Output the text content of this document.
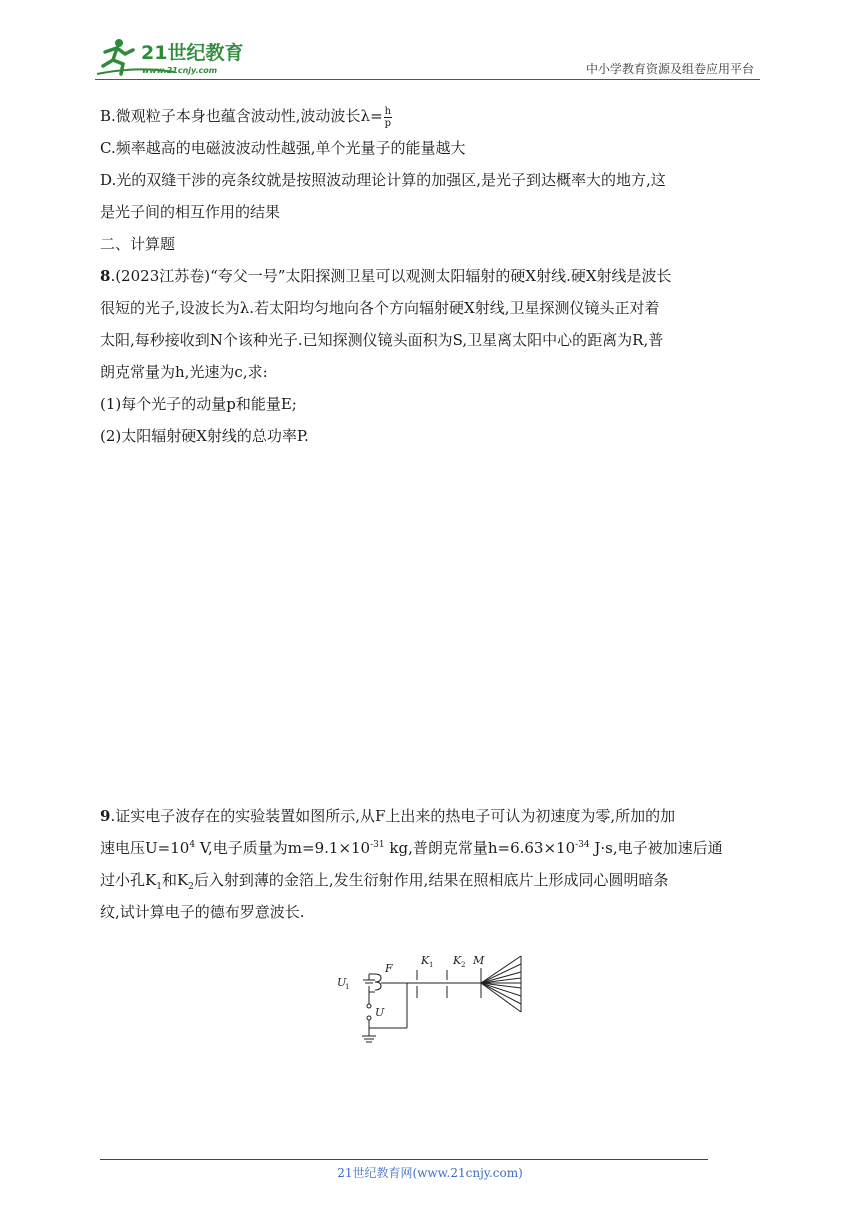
21世纪教育
www.21cnjy.com	中小学教育资源及组卷应用平台
B.微观粒子本身也蕴含波动性,波动波长$\lambda= \frac{h}{p}$
C.频率越高的电磁波波动性越强,单个光量子的能量越大
D.光的双缝干涉的亮条纹就是按照波动理论计算的加强区,是光子到达概率大的地方,这
是光子间的相互作用的结果
二、计算题
8.(2023江苏卷)“夸父一号”太阳探测卫星可以观测太阳辐射的硬X射线.硬X射线是波长
很短的光子,设波长为λ.若太阳均匀地向各个方向辐射硬X射线,卫星探测仪镜头正对着
太阳,每秒接收到N个该种光子.已知探测仪镜头面积为S,卫星离太阳中心的距离为R,普
朗克常量为h,光速为c,求:
(1)每个光子的动量p和能量E;
(2)太阳辐射硬X射线的总功率P.
9.证实电子波存在的实验装置如图所示,从F上出来的热电子可认为初速度为零,所加的加
速电压$U=10^4$ V,电子质量为$m=9.1\times 10^{-31}$ kg,普朗克常量$h=6.63\times 10^{-34}$ J·s,电子被加速后通
过小孔$K_1$和$K_2$后入射到薄的金箔上,发生衍射作用,结果在照相底片上形成同心圆明暗条
纹,试计算电子的德布罗意波长.
F
K 1 K 2 M
U
1
U
21世纪教育网(www.21cnjy.com)
